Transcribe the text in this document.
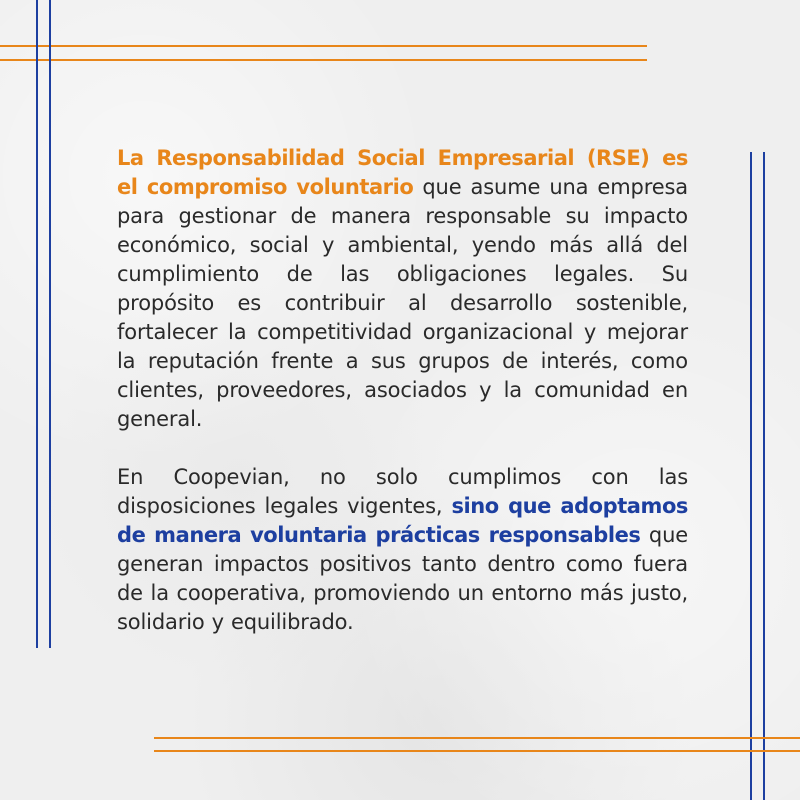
La Responsabilidad Social Empresarial (RSE) es el compromiso voluntario que asume una empresa para gestionar de manera responsable su impacto económico, social y ambiental, yendo más allá del cumplimiento de las obligaciones legales. Su propósito es contribuir al desarrollo sostenible, fortalecer la competitividad organizacional y mejorar la reputación frente a sus grupos de interés, como clientes, proveedores, asociados y la comunidad en general.

En Coopevian, no solo cumplimos con las disposiciones legales vigentes, sino que adoptamos de manera voluntaria prácticas responsables que generan impactos positivos tanto dentro como fuera de la cooperativa, promoviendo un entorno más justo, solidario y equilibrado.
